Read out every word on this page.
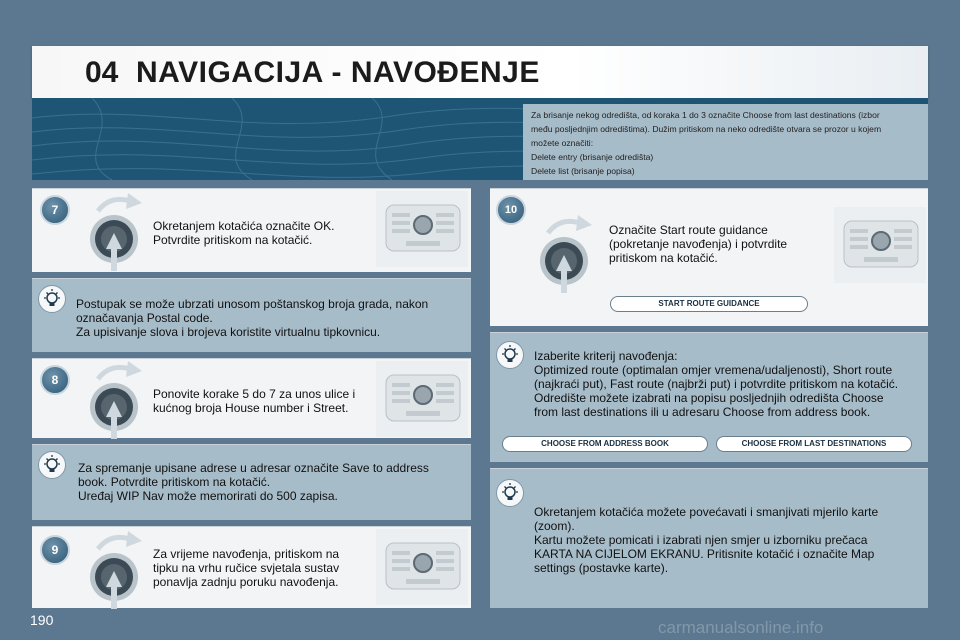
04 NAVIGACIJA - NAVOĐENJE
Za brisanje nekog odredišta, od koraka 1 do 3 označite Choose from last destinations (izbor
među posljednjim odredištima). Dužim pritiskom na neko odredište otvara se prozor u kojem
možete označiti:
Delete entry (brisanje odredišta)
Delete list (brisanje popisa)
7
Okretanjem kotačića označite OK.
Potvrdite pritiskom na kotačić.
Postupak se može ubrzati unosom poštanskog broja grada, nakon
označavanja Postal code.
Za upisivanje slova i brojeva koristite virtualnu tipkovnicu.
8
Ponovite korake 5 do 7 za unos ulice i
kućnog broja House number i Street.
Za spremanje upisane adrese u adresar označite Save to address
book. Potvrdite pritiskom na kotačić.
Uređaj WIP Nav može memorirati do 500 zapisa.
9	Za vrijeme navođenja, pritiskom na
tipku na vrhu ručice svjetala sustav
ponavlja zadnju poruku navođenja.
10
Označite Start route guidance
(pokretanje navođenja) i potvrdite
pritiskom na kotačić.
START ROUTE GUIDANCE
Izaberite kriterij navođenja:
Optimized route (optimalan omjer vremena/udaljenosti), Short route
(najkraći put), Fast route (najbrži put) i potvrdite pritiskom na kotačić.
Odredište možete izabrati na popisu posljednjih odredišta Choose
from last destinations ili u adresaru Choose from address book.
CHOOSE FROM ADDRESS BOOK	CHOOSE FROM LAST DESTINATIONS
Okretanjem kotačića možete povećavati i smanjivati mjerilo karte
(zoom).
Kartu možete pomicati i izabrati njen smjer u izborniku prečaca
KARTA NA CIJELOM EKRANU. Pritisnite kotačić i označite Map
settings (postavke karte).
190	carmanualsonline.info
